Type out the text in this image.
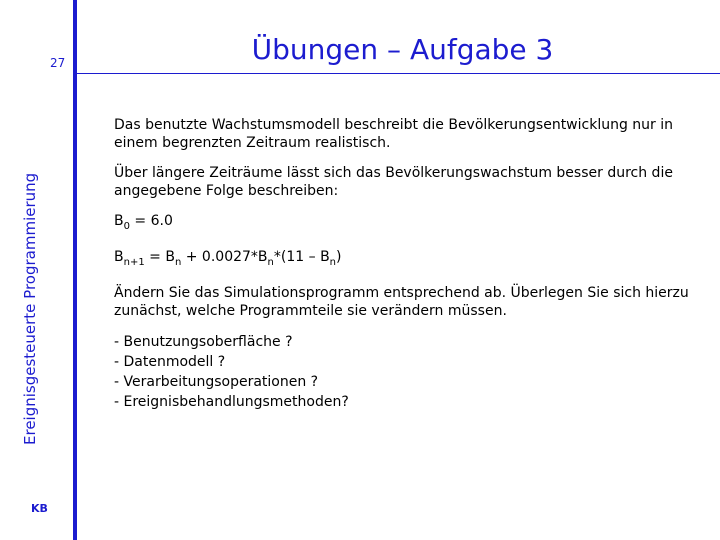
27
Ereignisgesteuerte Programmierung
KB
Übungen – Aufgabe 3

Das benutzte Wachstumsmodell beschreibt die Bevölkerungsentwicklung nur in einem begrenzten Zeitraum realistisch.

Über längere Zeiträume lässt sich das Bevölkerungswachstum besser durch die angegebene Folge beschreiben:

$B_0 = 6.0$
$B_{n+1} = B_n + 0.0027*B_n*(11 - B_n)$

Ändern Sie das Simulationsprogramm entsprechend ab. Überlegen Sie sich hierzu zunächst, welche Programmteile sie verändern müssen.

- Benutzungsoberfläche ?
- Datenmodell ?
- Verarbeitungsoperationen ?
- Ereignisbehandlungsmethoden?
